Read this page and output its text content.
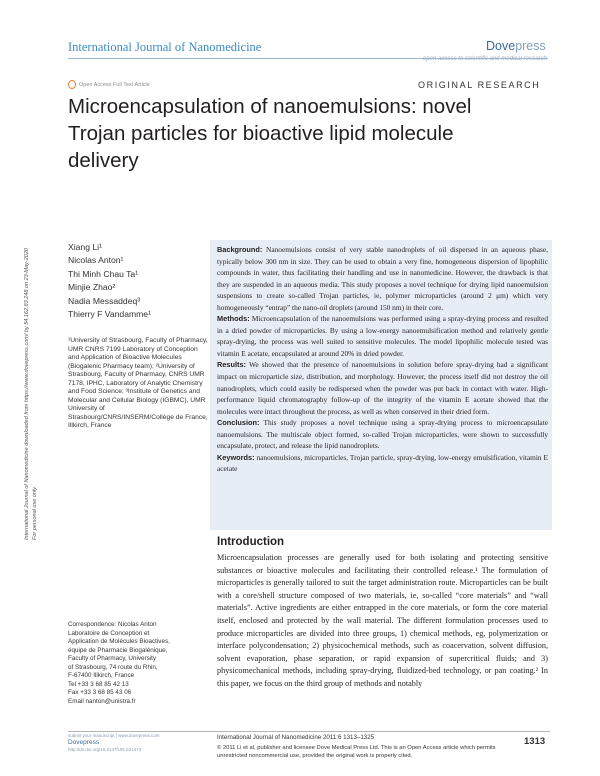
International Journal of Nanomedicine	Dovepress
open access to scientific and medical research
Open Access Full Text Article	ORIGINAL RESEARCH
Microencapsulation of nanoemulsions: novel Trojan particles for bioactive lipid molecule delivery
International Journal of Nanomedicine downloaded from https://www.dovepress.com/ by 54.162.83.248 on 23-May-2020 For personal use only.
Xiang Li¹
Nicolas Anton¹
Thi Minh Chau Ta¹
Minjie Zhao²
Nadia Messaddeq³
Thierry F Vandamme¹

¹University of Strasbourg, Faculty of Pharmacy, UMR CNRS 7199 Laboratory of Conception and Application of Bioactive Molecules (Biogalenic Pharmacy team); ²University of Strasbourg, Faculty of Pharmacy, CNRS UMR 7178, IPHC, Laboratory of Analytic Chemistry and Food Science; ³Institute of Genetics and Molecular and Cellular Biology (IGBMC), UMR University of Strasbourg/CNRS/INSERM/Collège de France, Illkirch, France

Correspondence: Nicolas Anton
Laboratoire de Conception et
Application de Molécules Bioactives,
équipe de Pharmacie Biogalénique,
Faculty of Pharmacy, University
of Strasbourg, 74 route du Rhin,
F-67400 Illkirch, France
Tel +33 3 68 85 42 13
Fax +33 3 68 85 43 06
Email nanton@unistra.fr

Background: Nanoemulsions consist of very stable nanodroplets of oil dispersed in an aqueous phase, typically below 300 nm in size. They can be used to obtain a very fine, homogeneous dispersion of lipophilic compounds in water, thus facilitating their handling and use in nanomedicine. However, the drawback is that they are suspended in an aqueous media. This study proposes a novel technique for drying lipid nanoemulsion suspensions to create so-called Trojan particles, ie, polymer microparticles (around 2 μm) which very homogeneously “entrap” the nano-oil droplets (around 150 nm) in their core.

Methods: Microencapsulation of the nanoemulsions was performed using a spray-drying process and resulted in a dried powder of microparticles. By using a low-energy nanoemulsification method and relatively gentle spray-drying, the process was well suited to sensitive molecules. The model lipophilic molecule tested was vitamin E acetate, encapsulated at around 20% in dried powder.

Results: We showed that the presence of nanoemulsions in solution before spray-drying had a significant impact on microparticle size, distribution, and morphology. However, the process itself did not destroy the oil nanodroplets, which could easily be redispersed when the powder was put back in contact with water. High-performance liquid chromatography follow-up of the integrity of the vitamin E acetate showed that the molecules were intact throughout the process, as well as when conserved in their dried form.

Conclusion: This study proposes a novel technique using a spray-drying process to microencapsulate nanoemulsions. The multiscale object formed, so-called Trojan microparticles, were shown to successfully encapsulate, protect, and release the lipid nanodroplets.

Keywords: nanoemulsions, microparticles, Trojan particle, spray-drying, low-energy emulsification, vitamin E acetate

Introduction

Microencapsulation processes are generally used for both isolating and protecting sensitive substances or bioactive molecules and facilitating their controlled release.¹ The formulation of microparticles is generally tailored to suit the target administration route. Microparticles can be built with a core/shell structure composed of two materials, ie, so-called “core materials” and “wall materials”. Active ingredients are either entrapped in the core materials, or form the core material itself, enclosed and protected by the wall material. The different formulation processes used to produce microparticles are divided into three groups, 1) chemical methods, eg, polymerization or interface polycondensation; 2) physicochemical methods, such as coacervation, solvent diffusion, solvent evaporation, phase separation, or rapid expansion of supercritical fluids; and 3) physicomechanical methods, including spray-drying, fluidized-bed technology, or pan coating.² In this paper, we focus on the third group of methods and notably

submit your manuscript | www.dovepress.com
Dovepress
http://dx.doi.org/10.2147/IJN.S21473
International Journal of Nanomedicine 2011:6 1313–1325
© 2011 Li et al, publisher and licensee Dove Medical Press Ltd. This is an Open Access article which permits unrestricted noncommercial use, provided the original work is properly cited.
1313
